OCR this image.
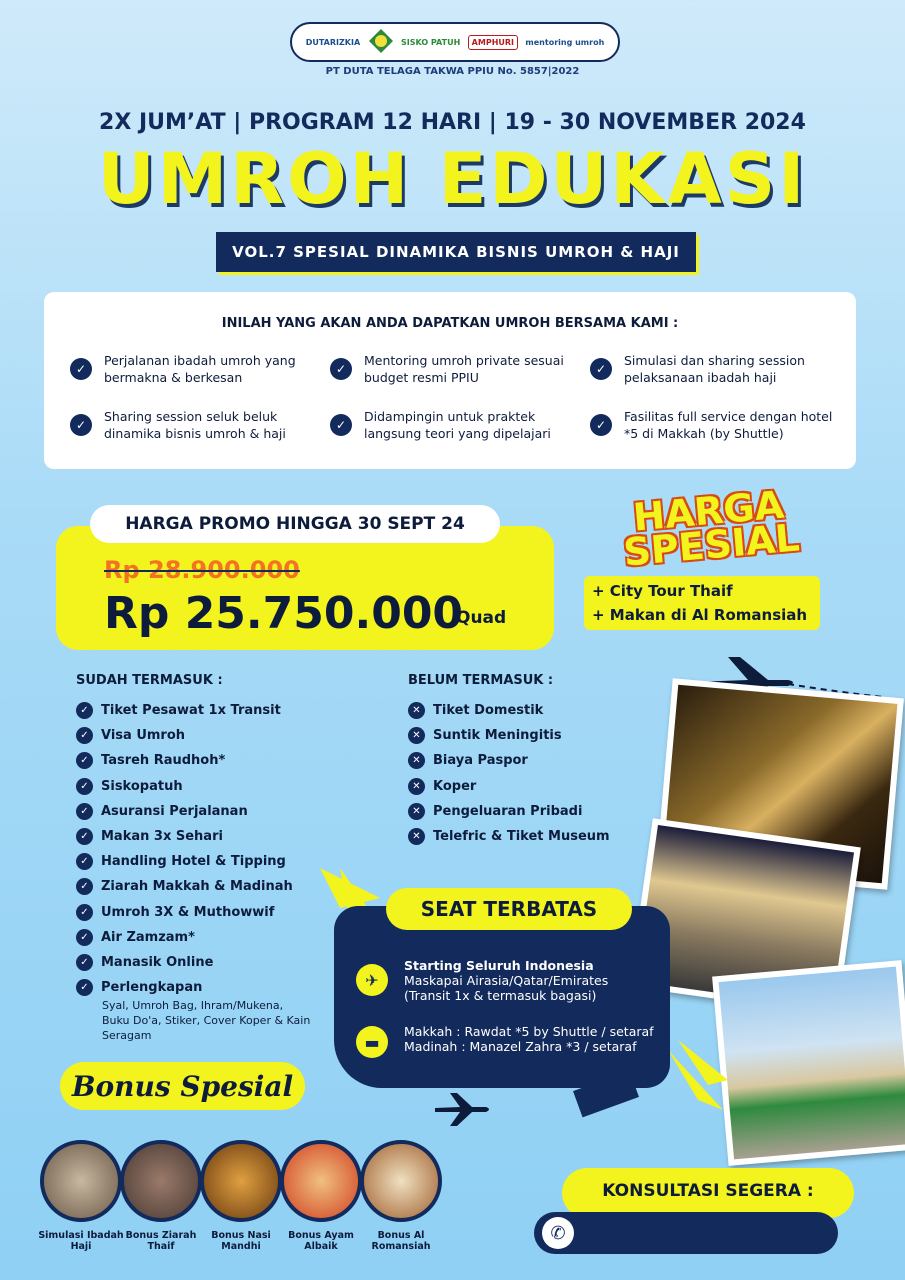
DUTARIZKIA	SISKO PATUH	AMPHURI	mentoring umroh
PT DUTA TELAGA TAKWA PPIU No. 5857|2022
2X JUM’AT | PROGRAM 12 HARI | 19 - 30 NOVEMBER 2024
UMROH EDUKASI
VOL.7 SPESIAL DINAMIKA BISNIS UMROH & HAJI
INILAH YANG AKAN ANDA DAPATKAN UMROH BERSAMA KAMI :
✓
Perjalanan ibadah umroh yang bermakna & berkesan
✓
Mentoring umroh private sesuai budget resmi PPIU
✓
Simulasi dan sharing session pelaksanaan ibadah haji
✓
Sharing session seluk beluk dinamika bisnis umroh & haji
✓
Didampingin untuk praktek langsung teori yang dipelajari
✓
Fasilitas full service dengan hotel *5 di Makkah (by Shuttle)
HARGA PROMO HINGGA 30 SEPT 24
Rp 28.900.000
Rp 25.750.000
Quad
HARGA SPESIAL
+ City Tour Thaif
+ Makan di Al Romansiah
SUDAH TERMASUK :
✓ Tiket Pesawat 1x Transit
✓ Visa Umroh
✓ Tasreh Raudhoh*
✓ Siskopatuh
✓ Asuransi Perjalanan
✓ Makan 3x Sehari
✓ Handling Hotel & Tipping
✓ Ziarah Makkah & Madinah
✓ Umroh 3X & Muthowwif
✓ Air Zamzam*
✓ Manasik Online
✓ Perlengkapan
Syal, Umroh Bag, Ihram/Mukena, Buku Do'a, Stiker, Cover Koper & Kain Seragam
BELUM TERMASUK :
✕ Tiket Domestik
✕ Suntik Meningitis
✕ Biaya Paspor
✕ Koper
✕ Pengeluaran Pribadi
✕ Telefric & Tiket Museum
✈
Starting Seluruh Indonesia
Maskapai Airasia/Qatar/Emirates (Transit 1x & termasuk bagasi)
▬
Makkah : Rawdat *5 by Shuttle / setaraf
Madinah : Manazel Zahra *3 / setaraf
SEAT TERBATAS
Bonus Spesial
Simulasi Ibadah Haji
Bonus Ziarah Thaif
Bonus Nasi Mandhi
Bonus Ayam Albaik
Bonus Al Romansiah
KONSULTASI SEGERA :
✆
